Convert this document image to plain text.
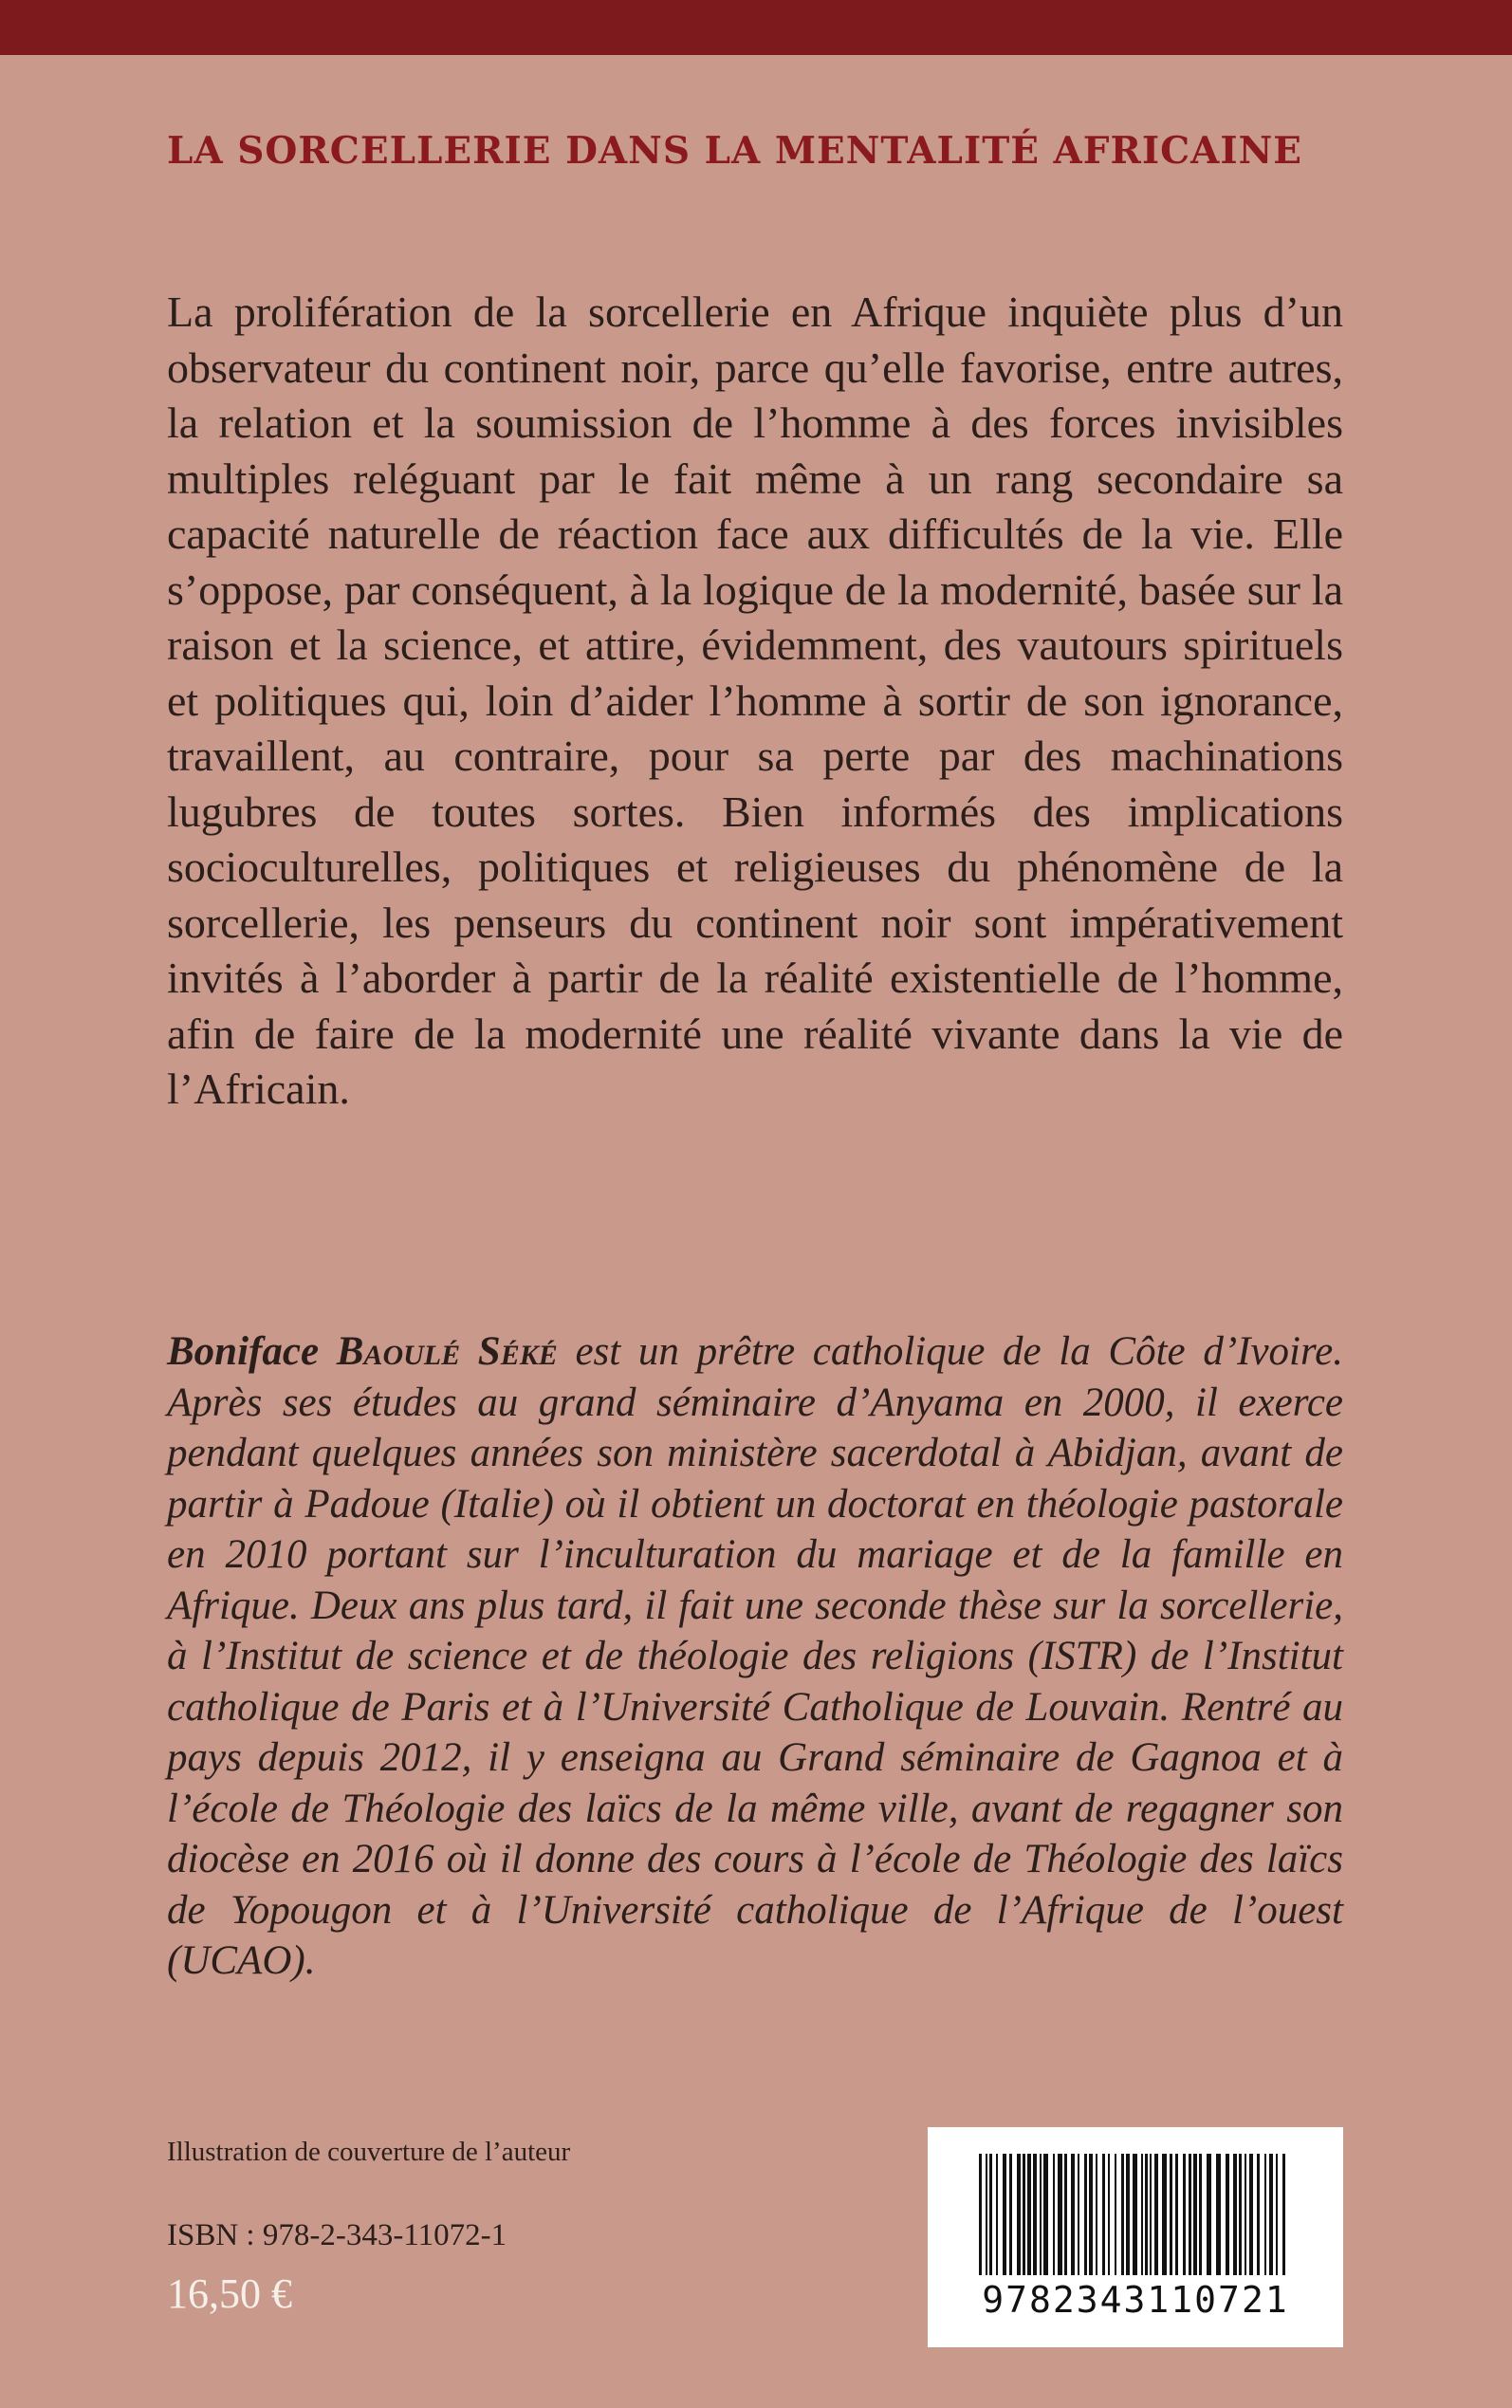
LA SORCELLERIE DANS LA MENTALITÉ AFRICAINE

La prolifération de la sorcellerie en Afrique inquiète plus d’un observateur du continent noir, parce qu’elle favorise, entre autres, la relation et la soumission de l’homme à des forces invisibles multiples reléguant par le fait même à un rang secondaire sa capacité naturelle de réaction face aux difficultés de la vie. Elle s’oppose, par conséquent, à la logique de la modernité, basée sur la raison et la science, et attire, évidemment, des vautours spirituels et politiques qui, loin d’aider l’homme à sortir de son ignorance, travaillent, au contraire, pour sa perte par des machinations lugubres de toutes sortes. Bien informés des implications socioculturelles, politiques et religieuses du phénomène de la sorcellerie, les penseurs du continent noir sont impérativement invités à l’aborder à partir de la réalité existentielle de l’homme, afin de faire de la modernité une réalité vivante dans la vie de l’Africain.

Boniface Baoulé Séké est un prêtre catholique de la Côte d’Ivoire. Après ses études au grand séminaire d’Anyama en 2000, il exerce pendant quelques années son ministère sacerdotal à Abidjan, avant de partir à Padoue (Italie) où il obtient un doctorat en théologie pastorale en 2010 portant sur l’inculturation du mariage et de la famille en Afrique. Deux ans plus tard, il fait une seconde thèse sur la sorcellerie, à l’Institut de science et de théologie des religions (ISTR) de l’Institut catholique de Paris et à l’Université Catholique de Louvain. Rentré au pays depuis 2012, il y enseigna au Grand séminaire de Gagnoa et à l’école de Théologie des laïcs de la même ville, avant de regagner son diocèse en 2016 où il donne des cours à l’école de Théologie des laïcs de Yopougon et à l’Université catholique de l’Afrique de l’ouest (UCAO).

Illustration de couverture de l’auteur
ISBN : 978-2-343-11072-1
16,50 €	9782343110721
